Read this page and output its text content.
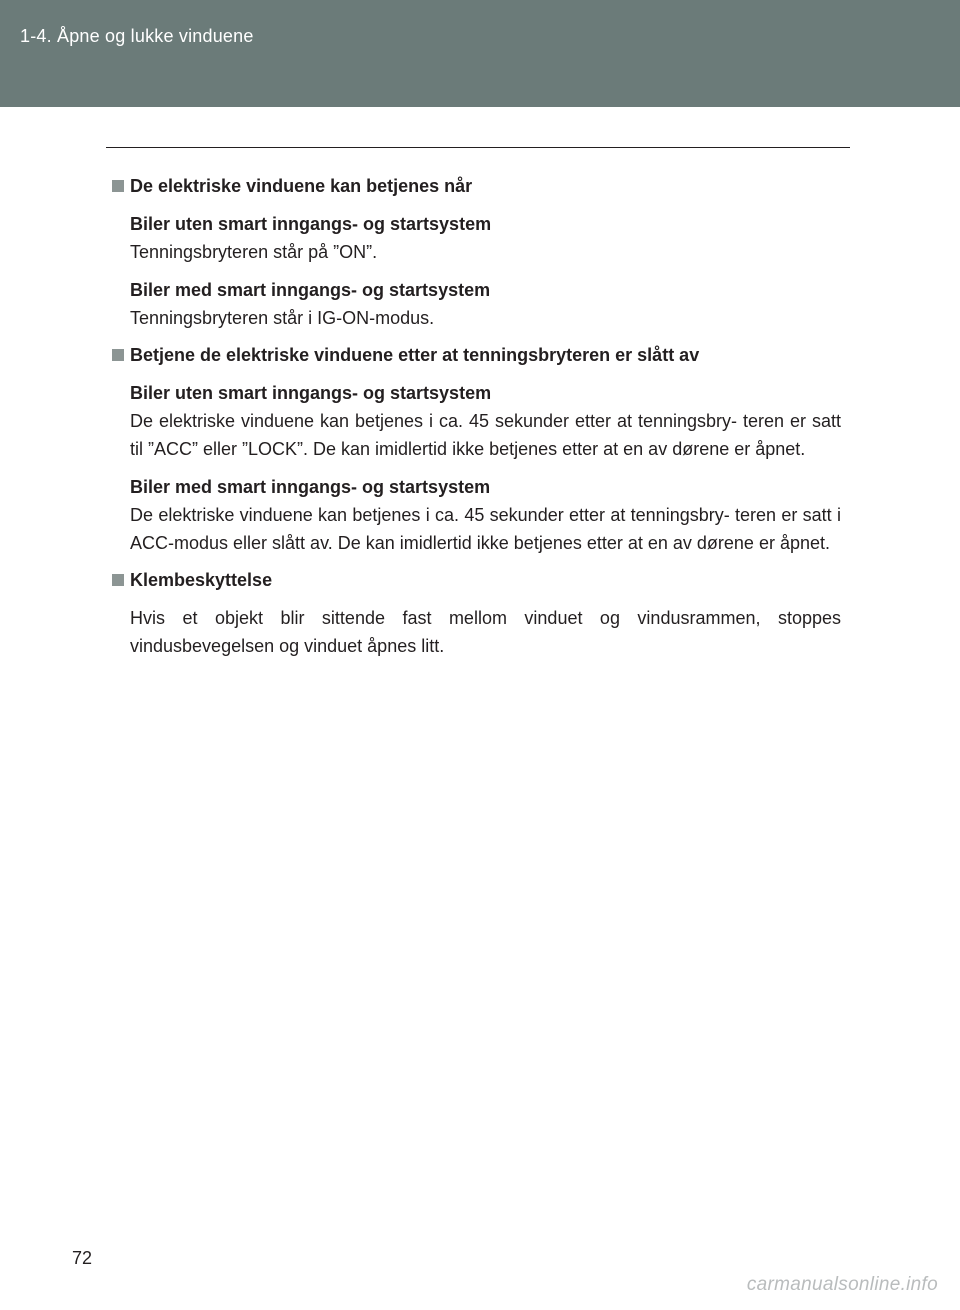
1-4. Åpne og lukke vinduene
De elektriske vinduene kan betjenes når
Biler uten smart inngangs- og startsystem
Tenningsbryteren står på ”ON”.
Biler med smart inngangs- og startsystem
Tenningsbryteren står i IG-ON-modus.
Betjene de elektriske vinduene etter at tenningsbryteren er slått av
Biler uten smart inngangs- og startsystem
De elektriske vinduene kan betjenes i ca. 45 sekunder etter at tenningsbry- teren er satt til ”ACC” eller ”LOCK”. De kan imidlertid ikke betjenes etter at en av dørene er åpnet.
Biler med smart inngangs- og startsystem
De elektriske vinduene kan betjenes i ca. 45 sekunder etter at tenningsbry- teren er satt i ACC-modus eller slått av. De kan imidlertid ikke betjenes etter at en av dørene er åpnet.
Klembeskyttelse
Hvis et objekt blir sittende fast mellom vinduet og vindusrammen, stoppes vindusbevegelsen og vinduet åpnes litt.
72
carmanualsonline.info
